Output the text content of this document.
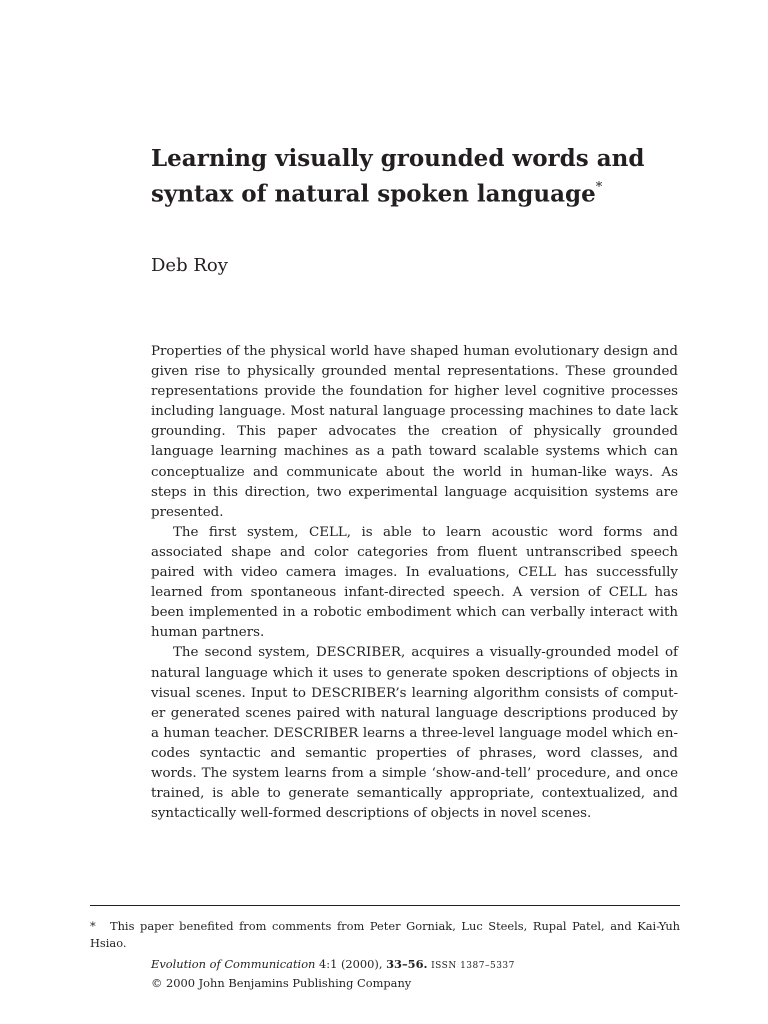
Learning visually grounded words and syntax of natural spoken language*
Deb Roy

Properties of the physical world have shaped human evolutionary design and given rise to physically grounded mental representations. These grounded representations provide the foundation for higher level cognitive processes including language. Most natural language processing machines to date lack grounding. This paper advocates the creation of physically grounded language learning machines as a path toward scalable systems which can conceptualize and communicate about the world in human-like ways. As steps in this direction, two experimental language acquisition systems are presented.

The first system, CELL, is able to learn acoustic word forms and associated shape and color categories from fluent untranscribed speech paired with video camera images. In evaluations, CELL has successfully learned from spontaneous infant-directed speech. A version of CELL has been implemented in a robotic embodiment which can verbally interact with human partners.

The second system, DESCRIBER, acquires a visually-grounded model of natural language which it uses to generate spoken descriptions of objects in visual scenes. Input to DESCRIBER’s learning algorithm consists of computer generated scenes paired with natural language descriptions produced by a human teacher. DESCRIBER learns a three-level language model which encodes syntactic and semantic properties of phrases, word classes, and words. The system learns from a simple ‘show-and-tell’ procedure, and once trained, is able to generate semantically appropriate, contextualized, and syntactically well-formed descriptions of objects in novel scenes.

* This paper benefited from comments from Peter Gorniak, Luc Steels, Rupal Patel, and Kai-Yuh Hsiao.

Evolution of Communication 4:1 (2000), 33–56. ISSN 1387–5337
© 2000 John Benjamins Publishing Company
